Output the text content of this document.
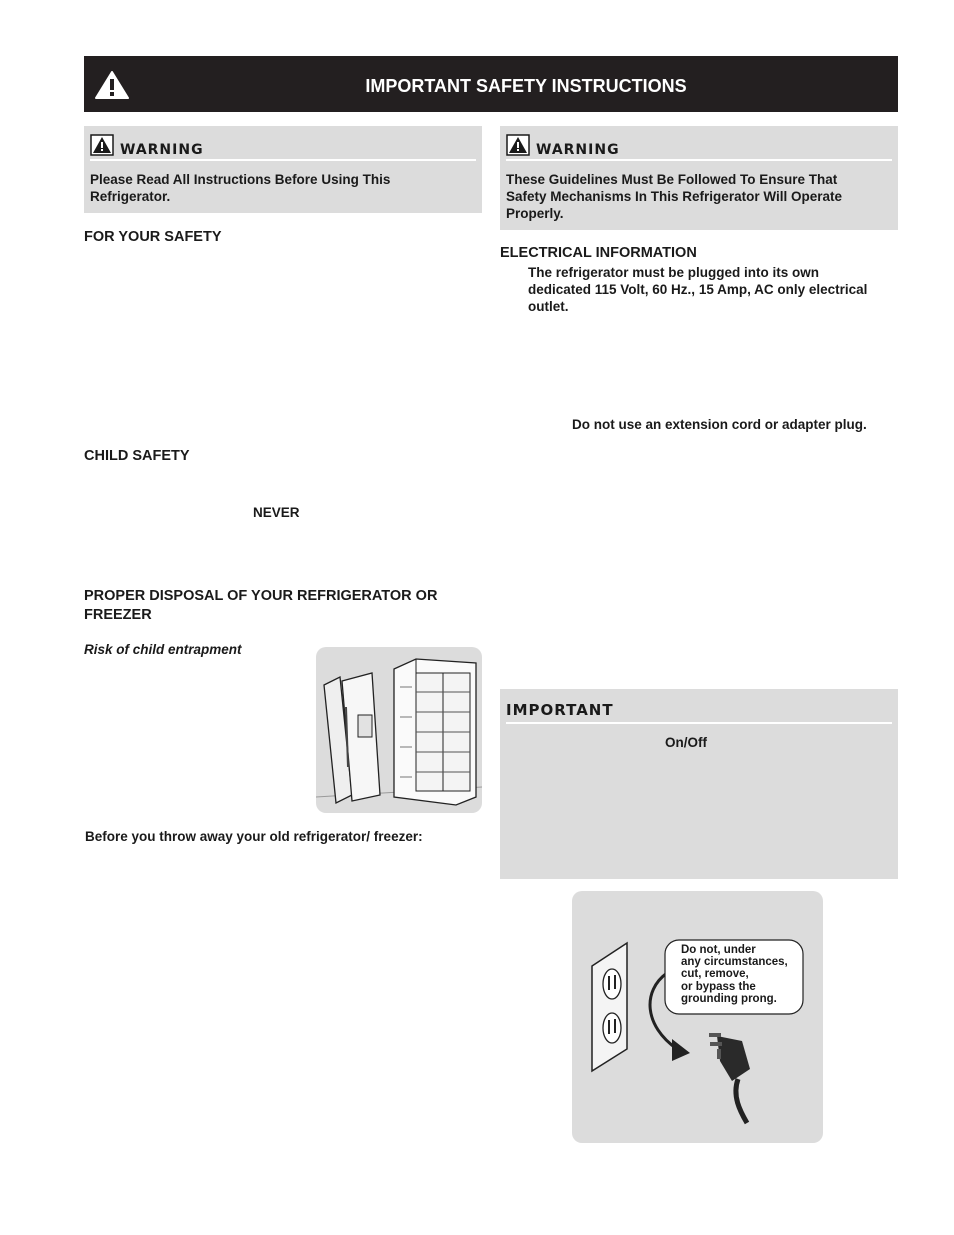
IMPORTANT SAFETY INSTRUCTIONS
WARNING
Please Read All Instructions Before Using This
Refrigerator.
WARNING
These Guidelines Must Be Followed To Ensure That
Safety Mechanisms In This Refrigerator Will Operate
Properly.
FOR YOUR SAFETY
CHILD SAFETY
NEVER
PROPER DISPOSAL OF YOUR REFRIGERATOR OR
FREEZER
Risk of child entrapment
Before you throw away your old refrigerator/ freezer:
ELECTRICAL INFORMATION
The refrigerator must be plugged into its own
dedicated 115 Volt, 60 Hz., 15 Amp, AC only electrical
outlet.
Do not use an extension cord or adapter plug.
IMPORTANT
On/Off
Do not, under
any circumstances,
cut, remove,
or bypass the
grounding prong.
